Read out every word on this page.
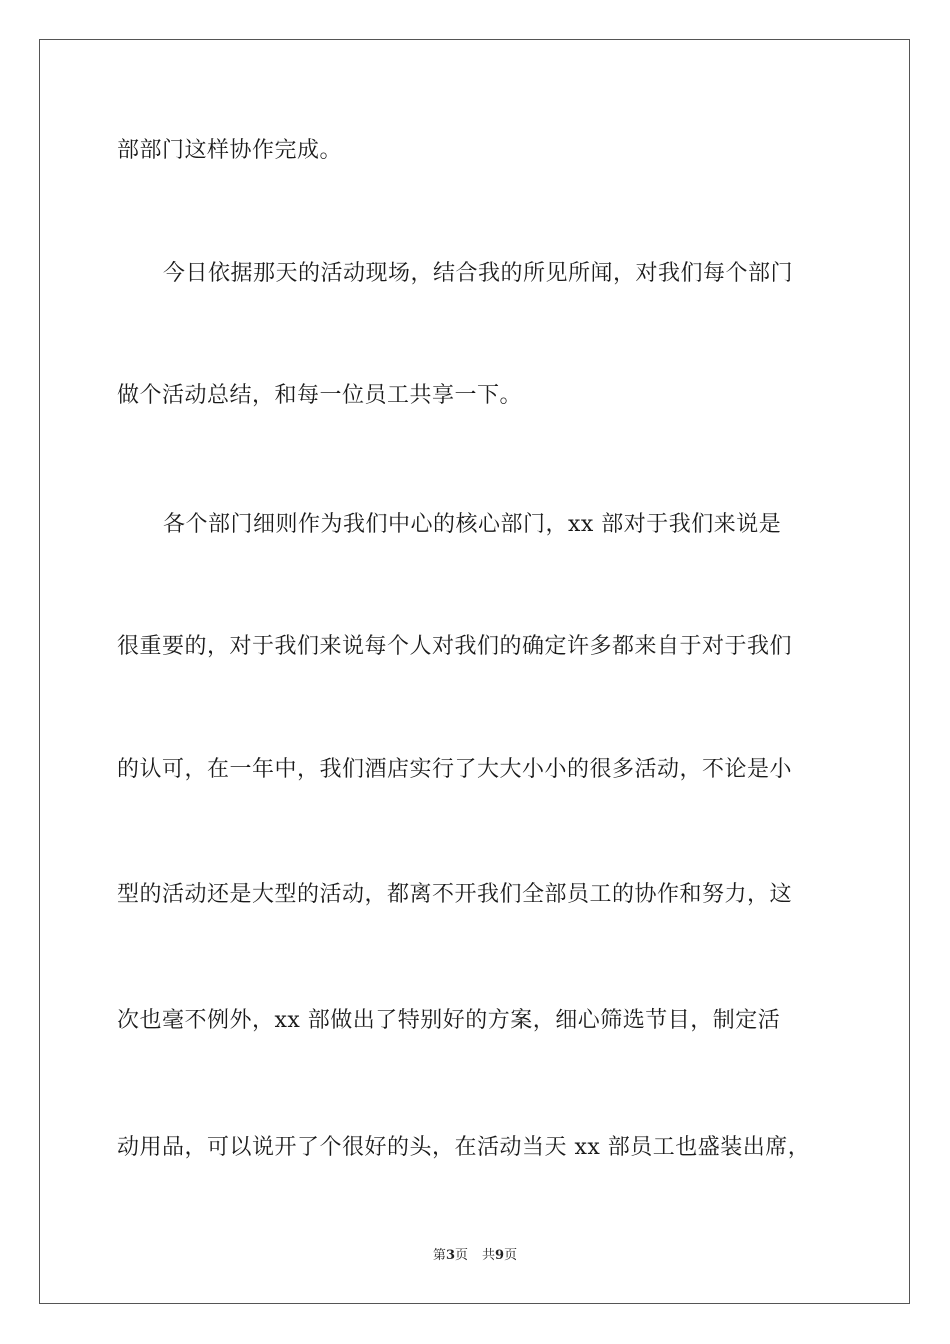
部部门这样协作完成。
今日依据那天的活动现场，结合我的所见所闻，对我们每个部门
做个活动总结，和每一位员工共享一下。
各个部门细则作为我们中心的核心部门，xx 部对于我们来说是
很重要的，对于我们来说每个人对我们的确定许多都来自于对于我们
的认可，在一年中，我们酒店实行了大大小小的很多活动，不论是小
型的活动还是大型的活动，都离不开我们全部员工的协作和努力，这
次也毫不例外，xx 部做出了特别好的方案，细心筛选节目，制定活
动用品，可以说开了个很好的头，在活动当天 xx 部员工也盛装出席，
第3页 共9页
